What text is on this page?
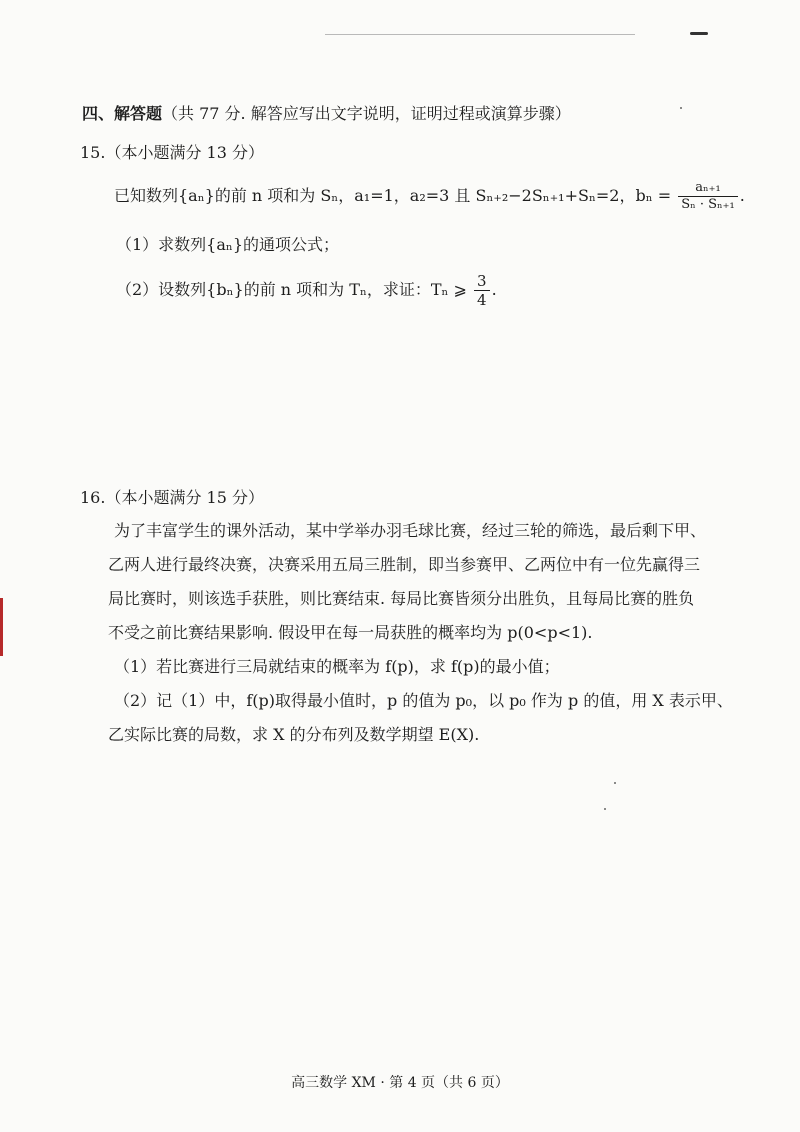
四、解答题（共 77 分. 解答应写出文字说明，证明过程或演算步骤）
15.（本小题满分 13 分）
已知数列{aₙ}的前 n 项和为 Sₙ，a₁=1，a₂=3 且 Sₙ₊₂−2Sₙ₊₁+Sₙ=2，$b_n = \frac{\text{aₙ₊₁}}{\text{Sₙ · Sₙ₊₁}}$ .
（1）求数列{aₙ}的通项公式；
（2）设数列{bₙ}的前 n 项和为 Tₙ，求证：Tₙ ⩾ $\frac{3}{4}$ .
16.（本小题满分 15 分）

为了丰富学生的课外活动，某中学举办羽毛球比赛，经过三轮的筛选，最后剩下甲、

乙两人进行最终决赛，决赛采用五局三胜制，即当参赛甲、乙两位中有一位先赢得三

局比赛时，则该选手获胜，则比赛结束. 每局比赛皆须分出胜负，且每局比赛的胜负

不受之前比赛结果影响. 假设甲在每一局获胜的概率均为 p(0<p<1).

（1）若比赛进行三局就结束的概率为 f(p)，求 f(p)的最小值；

（2）记（1）中，f(p)取得最小值时，p 的值为 p₀，以 p₀ 作为 p 的值，用 X 表示甲、

乙实际比赛的局数，求 X 的分布列及数学期望 E(X).

高三数学 XM · 第 4 页（共 6 页）
